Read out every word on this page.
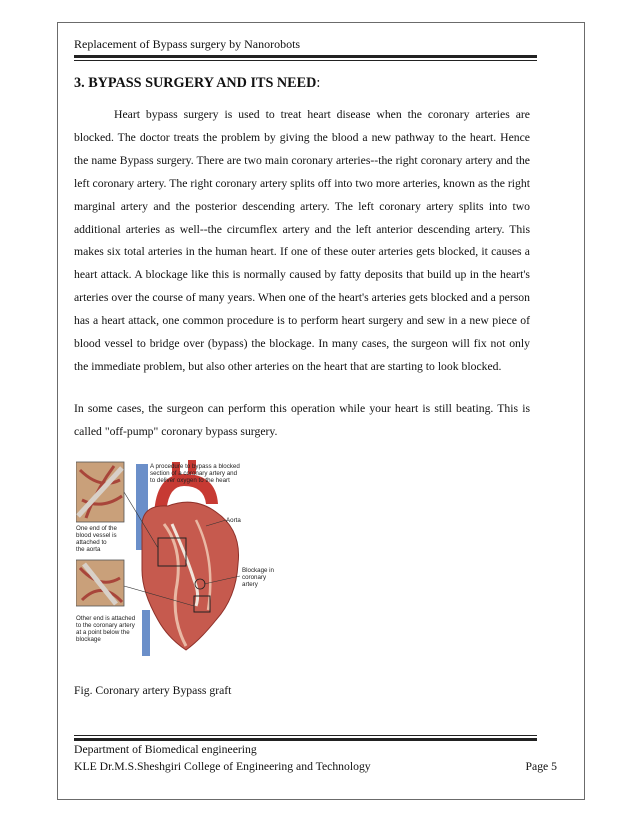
Replacement of Bypass surgery by Nanorobots
3. BYPASS SURGERY AND ITS NEED:

Heart bypass surgery is used to treat heart disease when the coronary arteries are blocked. The doctor treats the problem by giving the blood a new pathway to the heart. Hence the name Bypass surgery. There are two main coronary arteries--the right coronary artery and the left coronary artery. The right coronary artery splits off into two more arteries, known as the right marginal artery and the posterior descending artery. The left coronary artery splits into two additional arteries as well--the circumflex artery and the left anterior descending artery. This makes six total arteries in the human heart. If one of these outer arteries gets blocked, it causes a heart attack. A blockage like this is normally caused by fatty deposits that build up in the heart's arteries over the course of many years. When one of the heart's arteries gets blocked and a person has a heart attack, one common procedure is to perform heart surgery and sew in a new piece of blood vessel to bridge over (bypass) the blockage. In many cases, the surgeon will fix not only the immediate problem, but also other arteries on the heart that are starting to look blocked.

In some cases, the surgeon can perform this operation while your heart is still beating. This is called "off-pump" coronary bypass surgery.

A procedure to bypass a blocked
section of a coronary artery and
to deliver oxygen to the heart
Aorta
Blockage in
coronary
artery
One end of the
blood vessel is
attached to
the aorta
Other end is attached
to the coronary artery
at a point below the
blockage
Fig. Coronary artery Bypass graft
Department of Biomedical engineering
KLE Dr.M.S.Sheshgiri College of Engineering and Technology	Page 5
